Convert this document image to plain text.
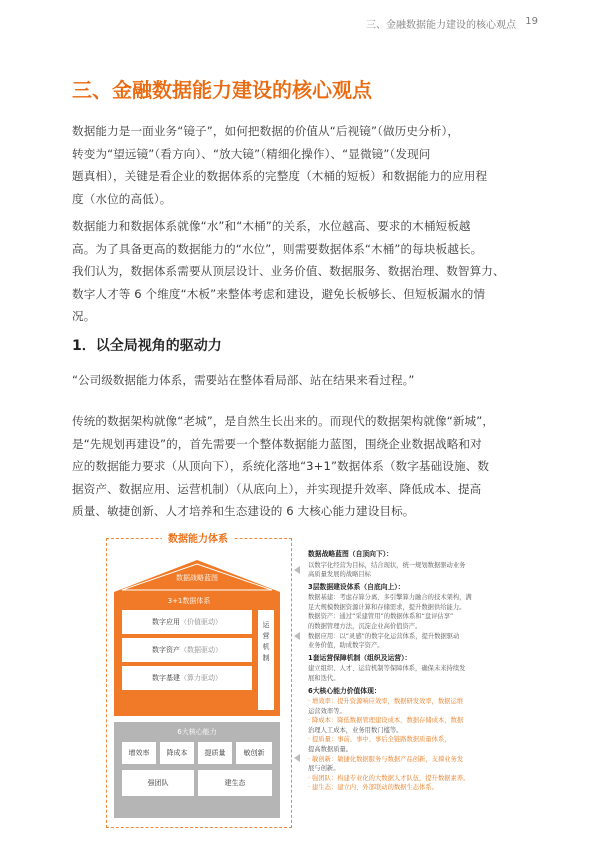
三、金融数据能力建设的核心观点 19
三、金融数据能力建设的核心观点
数据能力是一面业务“镜子”，如何把数据的价值从“后视镜”（做历史分析），
转变为“望远镜”（看方向）、“放大镜”（精细化操作）、“显微镜”（发现问
题真相），关键是看企业的数据体系的完整度（木桶的短板）和数据能力的应用程
度（水位的高低）。
数据能力和数据体系就像“水”和“木桶”的关系，水位越高、要求的木桶短板越
高。为了具备更高的数据能力的“水位”，则需要数据体系“木桶”的每块板越长。
我们认为，数据体系需要从顶层设计、业务价值、数据服务、数据治理、数智算力、
数字人才等 6 个维度“木板”来整体考虑和建设，避免长板够长、但短板漏水的情
况。
1．以全局视角的驱动力

“公司级数据能力体系，需要站在整体看局部、站在结果来看过程。”

传统的数据架构就像“老城”，是自然生长出来的。而现代的数据架构就像“新城”，
是“先规划再建设”的，首先需要一个整体数据能力蓝图，围绕企业数据战略和对
应的数据能力要求（从顶向下），系统化落地“3+1”数据体系（数字基础设施、数
据资产、数据应用、运营机制）（从底向上），并实现提升效率、降低成本、提高
质量、敏捷创新、人才培养和生态建设的 6 大核心能力建设目标。
数据能力体系
数据战略蓝图
3+1数据体系
数字应用（价值驱动）
数字资产（数据驱动）
数字基建（算力驱动）
运
营
机
制
6大核心能力
增效率	降成本	提质量	敏创新
强团队	建生态
数据战略蓝图（自顶向下）：
以数字化经营为目标，结合现状，统一规划数据驱动业务
高质量发展的战略目标
3层数据建设体系（自底向上）：
数据基建：考虑存算分离、多引擎算力融合的技术架构，满
足大规模数据资源计算和存储需求，提升数据供给能力。
数据资产：通过“采建管用”的数据体系和“盘评估享”
的数据管理方法，沉淀企业高价值资产。
数据应用：以“灵感”的数字化运营体系，提升数据驱动
业务价值，助成数字资产。
1套运营保障机制（组织及运营）：
建立组织、人才、运营机制等保障体系，确保未来持续发
展和迭代。
6大核心能力价值体现：
· 增效率：提升资源响应效率，数据研发效率，数据运维
运营效率等。
· 降成本：降低数据管理建设成本，数据存储成本，数据
治理人工成本，业务用数门槛等。
· 提质量：事前、事中、事后全链路数据质量体系，
提高数据质量。
· 敏创新：敏捷化数据服务与数据产品创新，支撑业务发
展与创新。
· 强团队：构建专业化的大数据人才队伍，提升数据素养。
· 建生态：建立内、外部联动的数据生态体系。
